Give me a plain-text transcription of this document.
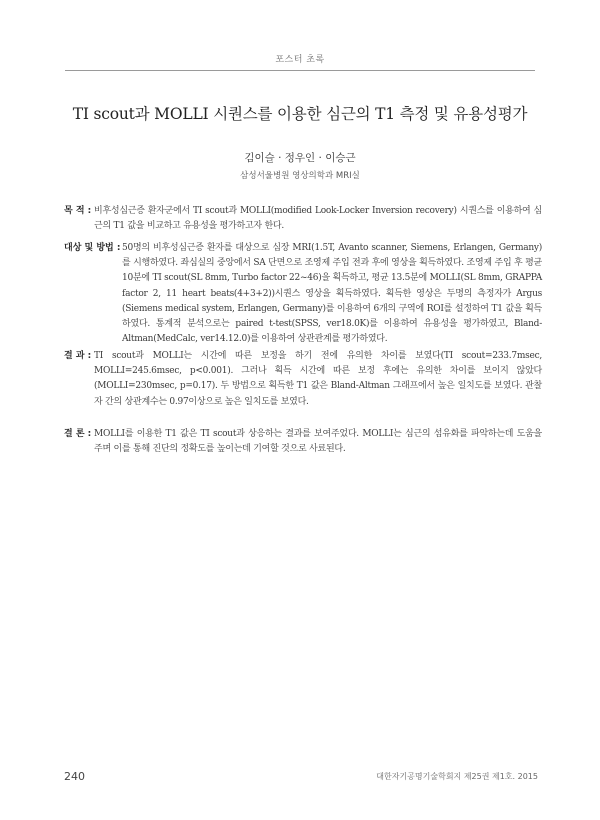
포스터 초록
TI scout과 MOLLI 시퀀스를 이용한 심근의 T1 측정 및 유용성평가
김이슬 · 정우인 · 이승근
삼성서울병원 영상의학과 MRI실
목 적 : 비후성심근증 환자군에서 TI scout과 MOLLI(modified Look-Locker Inversion recovery) 시퀀스를 이용하여 심근의 T1 값을 비교하고 유용성을 평가하고자 한다.
대상 및 방법 : 50명의 비후성심근증 환자를 대상으로 심장 MRI(1.5T, Avanto scanner, Siemens, Erlangen, Germany)를 시행하였다. 좌심실의 중앙에서 SA 단면으로 조영제 주입 전과 후에 영상을 획득하였다. 조영제 주입 후 평균 10분에 TI scout(SL 8mm, Turbo factor 22~46)을 획득하고, 평균 13.5분에 MOLLI(SL 8mm, GRAPPA factor 2, 11 heart beats(4+3+2))시퀀스 영상을 획득하였다. 획득한 영상은 두명의 측정자가 Argus (Siemens medical system, Erlangen, Germany)를 이용하여 6개의 구역에 ROI를 설정하여 T1 값을 획득하였다. 통계적 분석으로는 paired t-test(SPSS, ver18.0K)를 이용하여 유용성을 평가하였고, Bland-Altman(MedCalc, ver14.12.0)를 이용하여 상관관계를 평가하였다.
결 과 : TI scout과 MOLLI는 시간에 따른 보정을 하기 전에 유의한 차이를 보였다(TI scout=233.7msec, MOLLI=245.6msec, p<0.001). 그러나 획득 시간에 따른 보정 후에는 유의한 차이를 보이지 않았다 (MOLLI=230msec, p=0.17). 두 방법으로 획득한 T1 값은 Bland-Altman 그래프에서 높은 일치도를 보였다. 관찰자 간의 상관계수는 0.97이상으로 높은 일치도를 보였다.
결 론 : MOLLI를 이용한 T1 값은 TI scout과 상응하는 결과를 보여주었다. MOLLI는 심근의 섬유화를 파악하는데 도움을 주며 이를 통해 진단의 정확도를 높이는데 기여할 것으로 사료된다.
240	대한자기공명기술학회지 제25권 제1호. 2015
